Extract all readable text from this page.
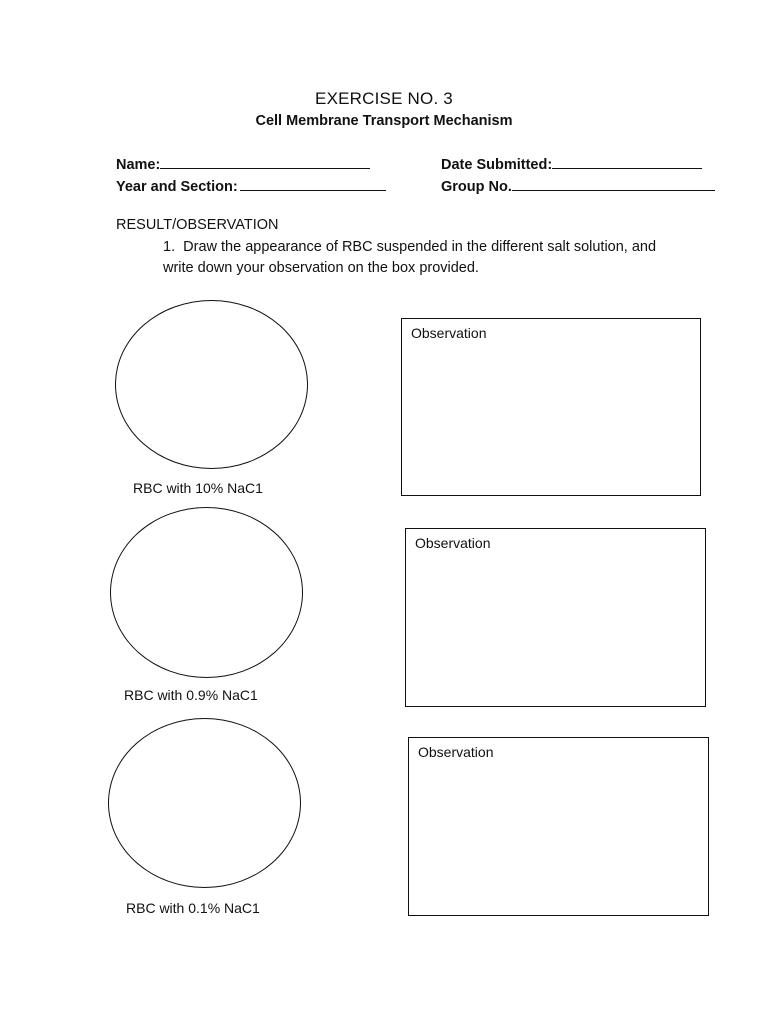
EXERCISE NO. 3
Cell Membrane Transport Mechanism
Name:	Date Submitted:
Year and Section:	Group No.
RESULT/OBSERVATION
1. Draw the appearance of RBC suspended in the different salt solution, and write down your observation on the box provided.
RBC with 10% NaC1
Observation
RBC with 0.9% NaC1
Observation
RBC with 0.1% NaC1
Observation
